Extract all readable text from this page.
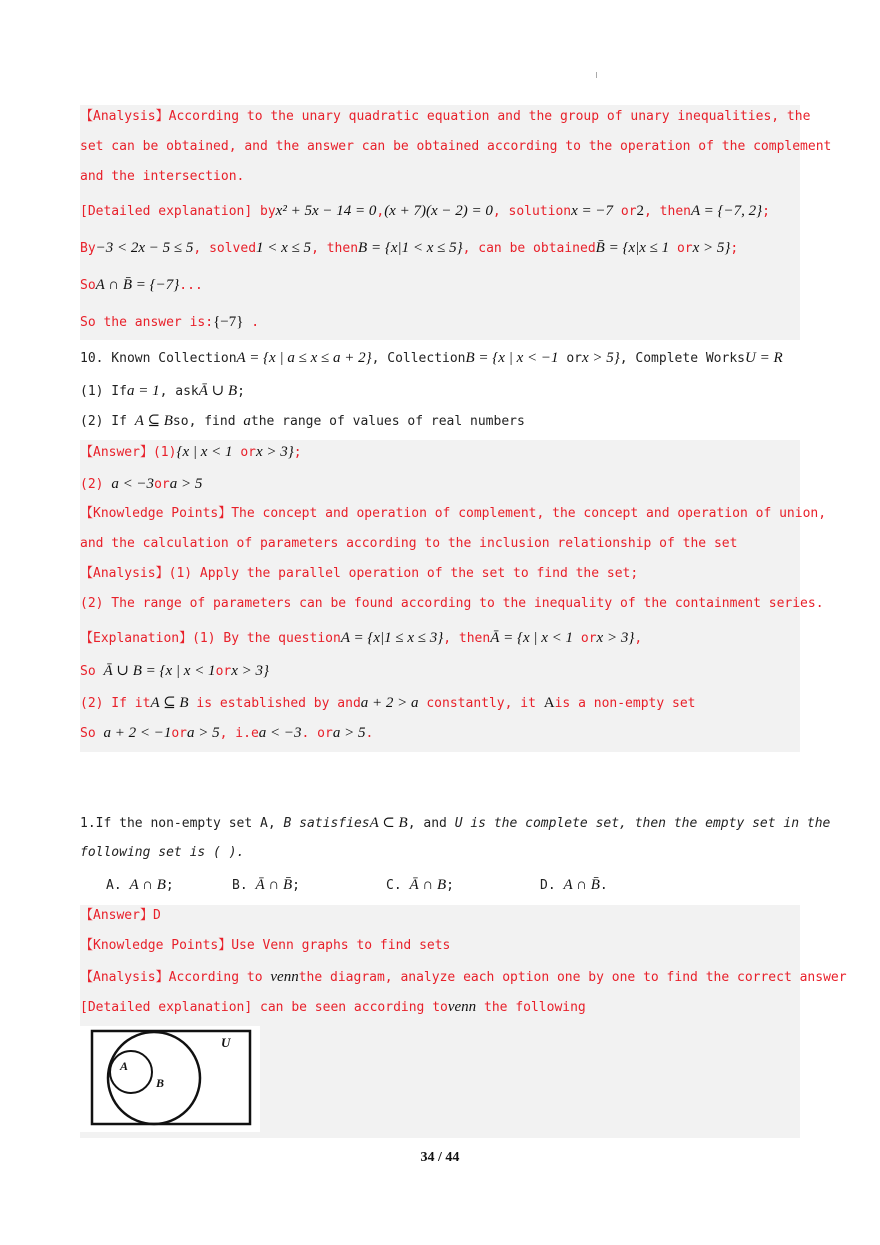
【Analysis】According to the unary quadratic equation and the group of unary inequalities, the
set can be obtained, and the answer can be obtained according to the operation of the complement
and the intersection.
[Detailed explanation] byx² + 5x − 14 = 0,(x + 7)(x − 2) = 0, solutionx = −7 or2, thenA = {−7, 2};
By−3 < 2x − 5 ≤ 5, solved1 < x ≤ 5, thenB = {x|1 < x ≤ 5}, can be obtainedB̄ = {x|x ≤ 1 orx > 5};
SoA ∩ B̄ = {−7}...
So the answer is:{−7} .
10. Known CollectionA = {x | a ≤ x ≤ a + 2}, CollectionB = {x | x < −1 orx > 5}, Complete WorksU = R
(1) Ifa = 1, askĀ ∪ B;
(2) If A ⊆ Bso, find athe range of values of real numbers
【Answer】(1){x | x < 1 orx > 3};
(2) a < −3ora > 5
【Knowledge Points】The concept and operation of complement, the concept and operation of union,
and the calculation of parameters according to the inclusion relationship of the set
【Analysis】(1) Apply the parallel operation of the set to find the set;
(2) The range of parameters can be found according to the inequality of the containment series.
【Explanation】(1) By the questionA = {x|1 ≤ x ≤ 3}, thenĀ = {x | x < 1 orx > 3},
So Ā ∪ B = {x | x < 1orx > 3}
(2) If itA ⊆ B is established by anda + 2 > a constantly, it Ais a non-empty set
So a + 2 < −1ora > 5, i.ea < −3. ora > 5.
1.If the non-empty set A, B satisfiesA ⊂ B, and U is the complete set, then the empty set in the
following set is ( ).
A. A ∩ B;	B. Ā ∩ B̄;	C. Ā ∩ B;	D. A ∩ B̄.
【Answer】D
【Knowledge Points】Use Venn graphs to find sets
【Analysis】According to vennthe diagram, analyze each option one by one to find the correct answer
[Detailed explanation] can be seen according tovenn the following
U
A
B
34 / 44
